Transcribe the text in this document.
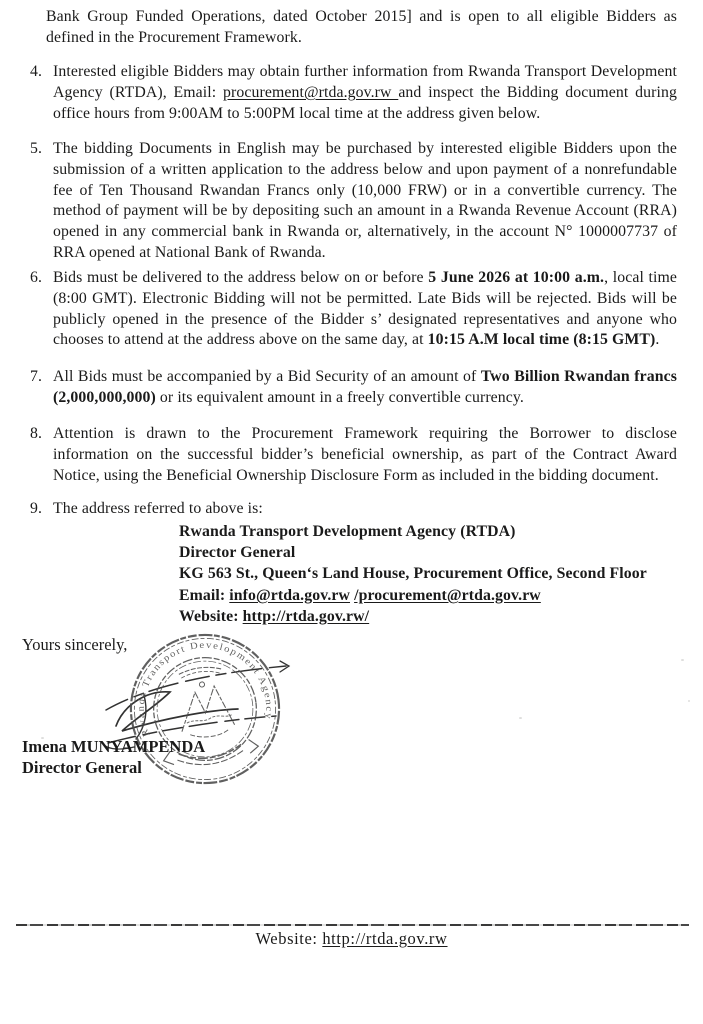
Bank Group Funded Operations, dated October 2015] and is open to all eligible Bidders as defined in the Procurement Framework.
4. Interested eligible Bidders may obtain further information from Rwanda Transport Development Agency (RTDA), Email: procurement@rtda.gov.rw and inspect the Bidding document during office hours from 9:00AM to 5:00PM local time at the address given below.
5. The bidding Documents in English may be purchased by interested eligible Bidders upon the submission of a written application to the address below and upon payment of a nonrefundable fee of Ten Thousand Rwandan Francs only (10,000 FRW) or in a convertible currency. The method of payment will be by depositing such an amount in a Rwanda Revenue Account (RRA) opened in any commercial bank in Rwanda or, alternatively, in the account N° 1000007737 of RRA opened at National Bank of Rwanda.
6. Bids must be delivered to the address below on or before 5 June 2026 at 10:00 a.m., local time (8:00 GMT). Electronic Bidding will not be permitted. Late Bids will be rejected. Bids will be publicly opened in the presence of the Bidder s’ designated representatives and anyone who chooses to attend at the address above on the same day, at 10:15 A.M local time (8:15 GMT).
7. All Bids must be accompanied by a Bid Security of an amount of Two Billion Rwandan francs (2,000,000,000) or its equivalent amount in a freely convertible currency.
8. Attention is drawn to the Procurement Framework requiring the Borrower to disclose information on the successful bidder’s beneficial ownership, as part of the Contract Award Notice, using the Beneficial Ownership Disclosure Form as included in the bidding document.
9. The address referred to above is:
Rwanda Transport Development Agency (RTDA)
Director General
KG 563 St., Queen‘s Land House, Procurement Office, Second Floor
Email: info@rtda.gov.rw /procurement@rtda.gov.rw
Website: http://rtda.gov.rw/
Yours sincerely,
Rwanda Transport Development Agency
Imena MUNYAMPENDA
Director General
Website: http://rtda.gov.rw
